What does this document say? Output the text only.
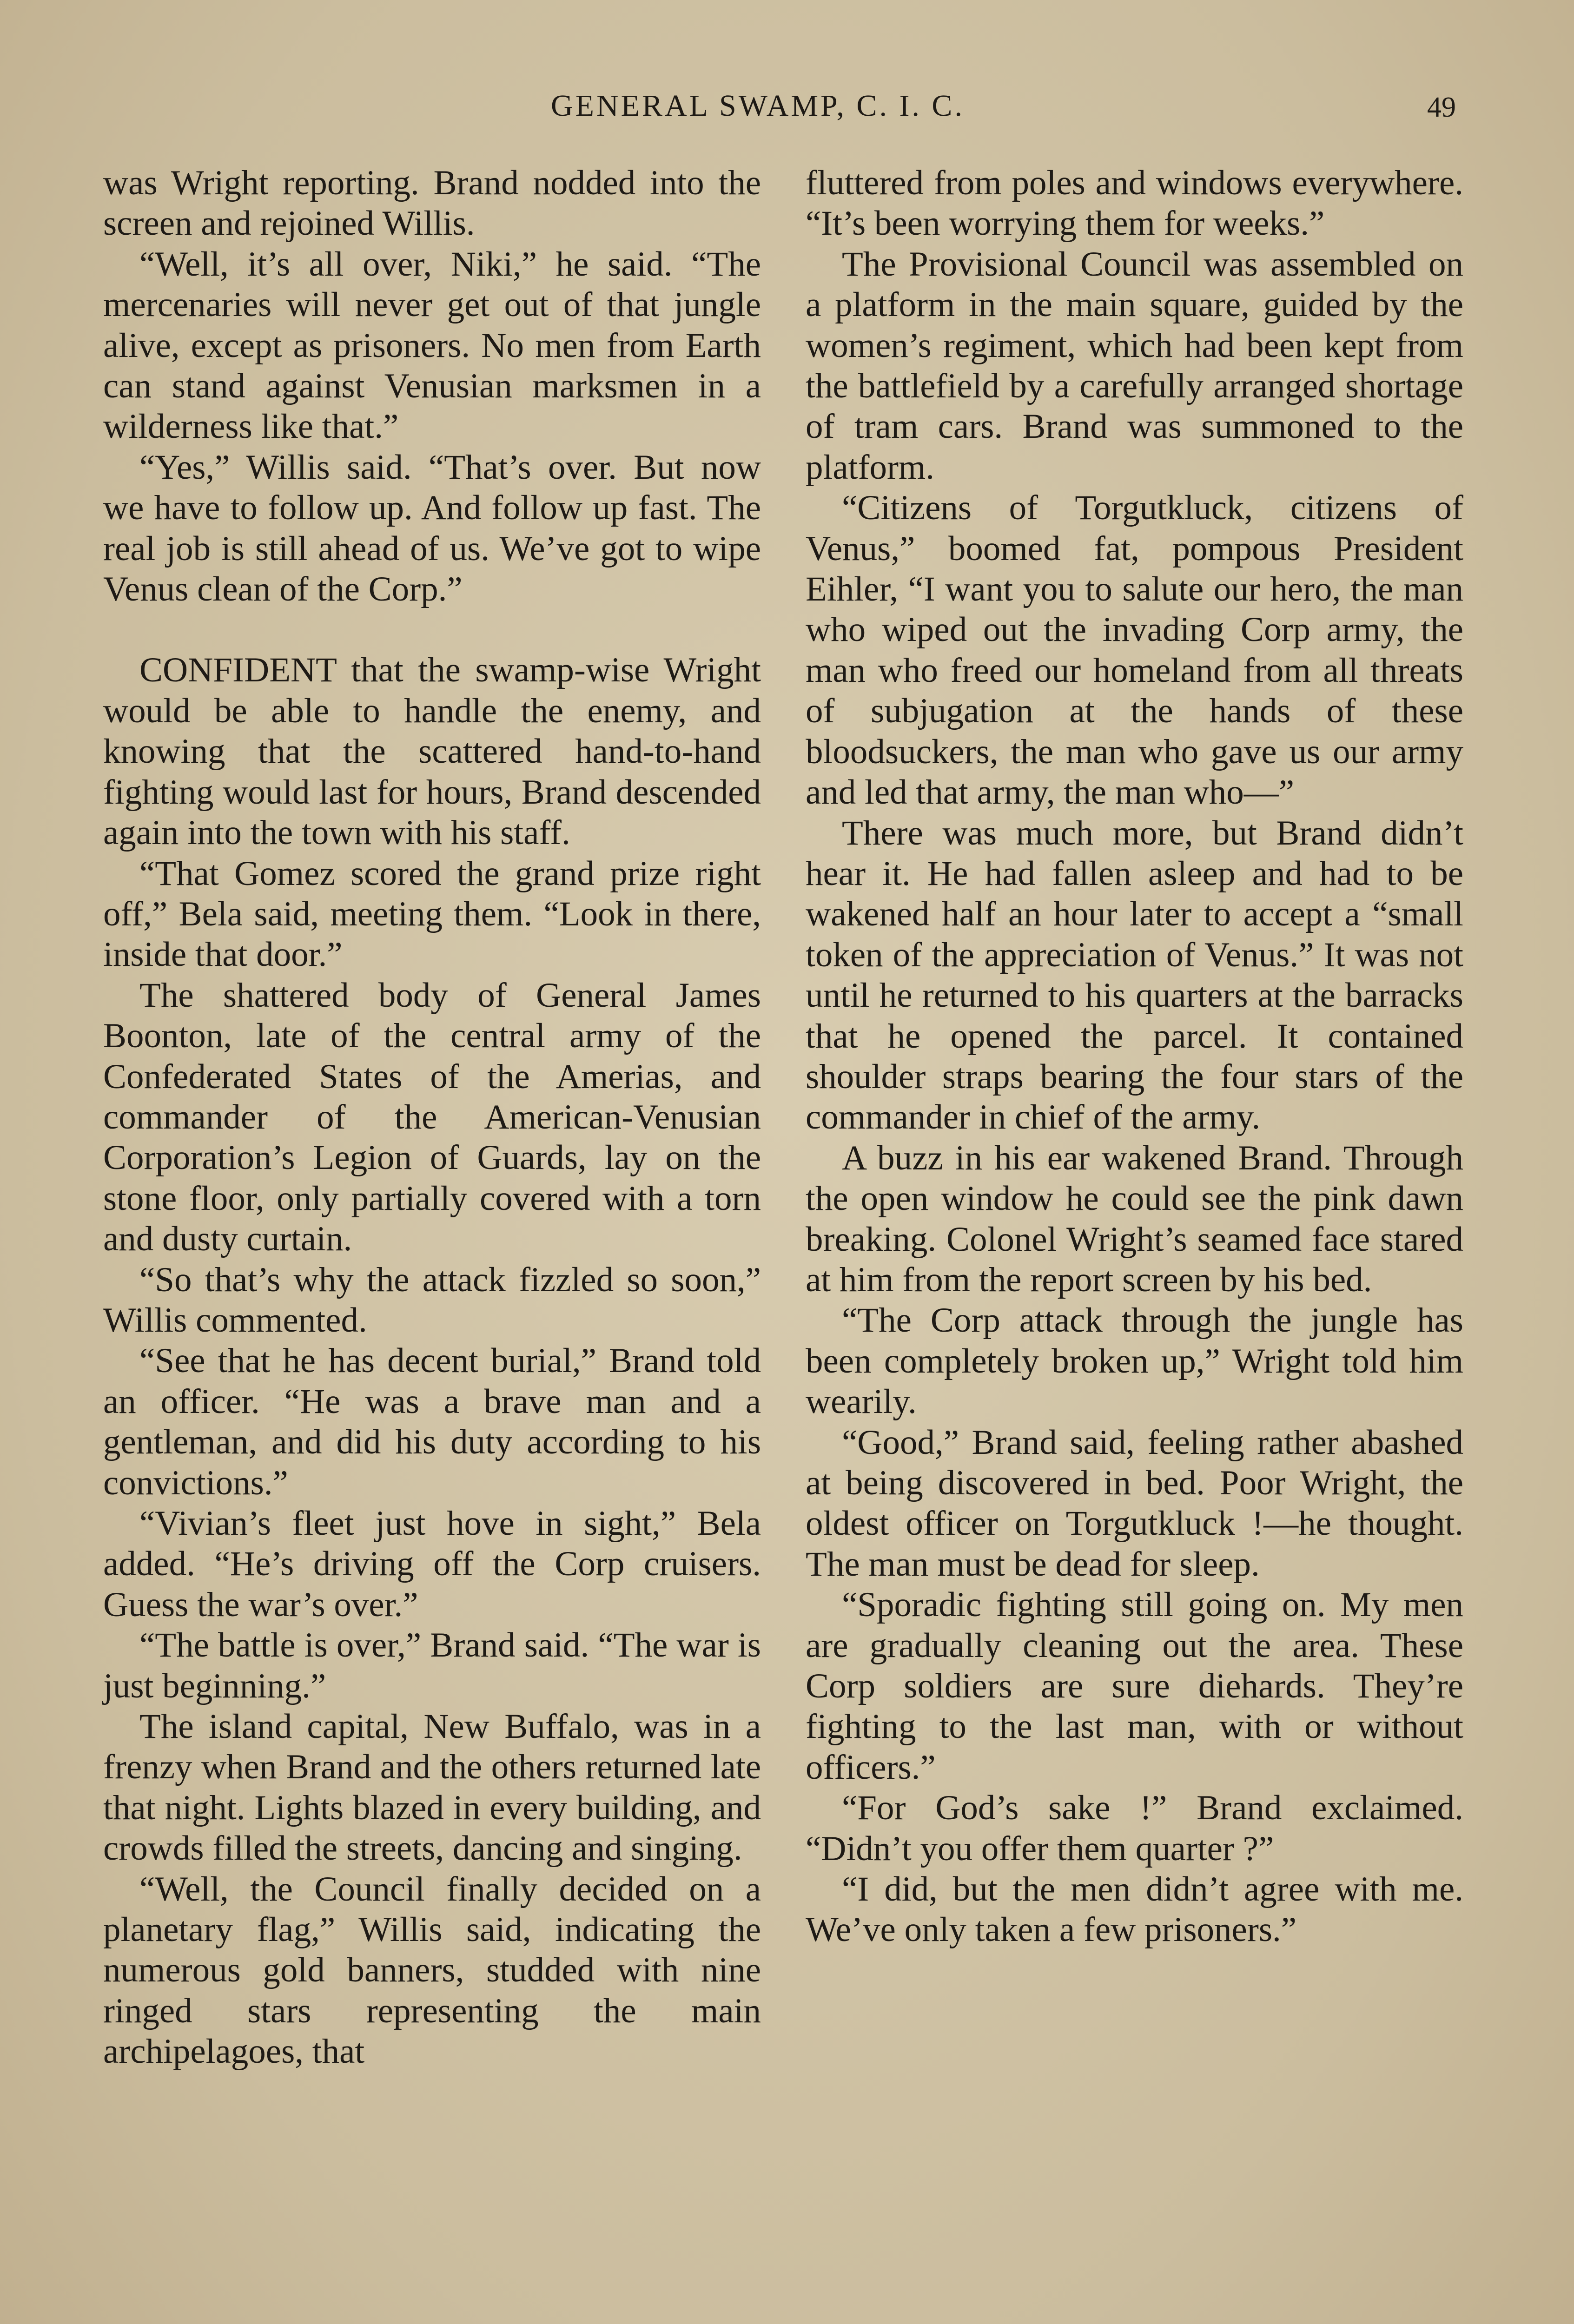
GENERAL SWAMP, C. I. C.	49

was Wright reporting. Brand nodded into the screen and rejoined Willis.

“Well, it’s all over, Niki,” he said. “The mercenaries will never get out of that jungle alive, except as prisoners. No men from Earth can stand against Venusian marksmen in a wilderness like that.”

“Yes,” Willis said. “That’s over. But now we have to follow up. And follow up fast. The real job is still ahead of us. We’ve got to wipe Venus clean of the Corp.”

CONFIDENT that the swamp-wise Wright would be able to handle the enemy, and knowing that the scattered hand-to-hand fighting would last for hours, Brand descended again into the town with his staff.

“That Gomez scored the grand prize right off,” Bela said, meeting them. “Look in there, inside that door.”

The shattered body of General James Boonton, late of the central army of the Confederated States of the Amerias, and commander of the American-Venusian Corporation’s Legion of Guards, lay on the stone floor, only partially covered with a torn and dusty curtain.

“So that’s why the attack fizzled so soon,” Willis commented.

“See that he has decent burial,” Brand told an officer. “He was a brave man and a gentleman, and did his duty according to his convictions.”

“Vivian’s fleet just hove in sight,” Bela added. “He’s driving off the Corp cruisers. Guess the war’s over.”

“The battle is over,” Brand said. “The war is just beginning.”

The island capital, New Buffalo, was in a frenzy when Brand and the others returned late that night. Lights blazed in every building, and crowds filled the streets, dancing and singing.

“Well, the Council finally decided on a planetary flag,” Willis said, indicating the numerous gold banners, studded with nine ringed stars representing the main archipelagoes, that

fluttered from poles and windows everywhere. “It’s been worrying them for weeks.”

The Provisional Council was assembled on a platform in the main square, guided by the women’s regiment, which had been kept from the battlefield by a carefully arranged shortage of tram cars. Brand was summoned to the platform.

“Citizens of Torgutkluck, citizens of Venus,” boomed fat, pompous President Eihler, “I want you to salute our hero, the man who wiped out the invading Corp army, the man who freed our homeland from all threats of subjugation at the hands of these bloodsuckers, the man who gave us our army and led that army, the man who—”

There was much more, but Brand didn’t hear it. He had fallen asleep and had to be wakened half an hour later to accept a “small token of the appreciation of Venus.” It was not until he returned to his quarters at the barracks that he opened the parcel. It contained shoulder straps bearing the four stars of the commander in chief of the army.

A buzz in his ear wakened Brand. Through the open window he could see the pink dawn breaking. Colonel Wright’s seamed face stared at him from the report screen by his bed.

“The Corp attack through the jungle has been completely broken up,” Wright told him wearily.

“Good,” Brand said, feeling rather abashed at being discovered in bed. Poor Wright, the oldest officer on Torgutkluck !—he thought. The man must be dead for sleep.

“Sporadic fighting still going on. My men are gradually cleaning out the area. These Corp soldiers are sure diehards. They’re fighting to the last man, with or without officers.”

“For God’s sake !” Brand exclaimed. “Didn’t you offer them quarter ?”

“I did, but the men didn’t agree with me. We’ve only taken a few prisoners.”
